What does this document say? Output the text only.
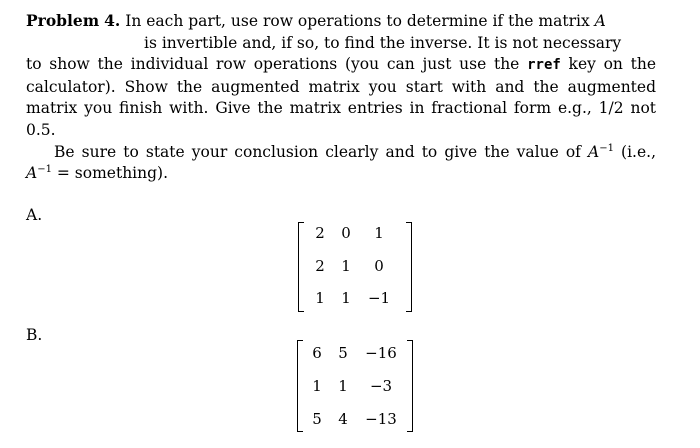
Problem 4. In each part, use row operations to determine if the matrix A
is invertible and, if so, to find the inverse. It is not necessary
to show the individual row operations (you can just use the rref key on the
calculator). Show the augmented matrix you start with and the augmented
matrix you finish with. Give the matrix entries in fractional form e.g., 1/2 not
0.5.
Be sure to state your conclusion clearly and to give the value of $A^{-1}$ (i.e.,
$A^{-1}$ = something).
A.
2	0	1
2	1	0
1	1	−1
B.
6	5	−16
1	1	−3
5	4	−13
